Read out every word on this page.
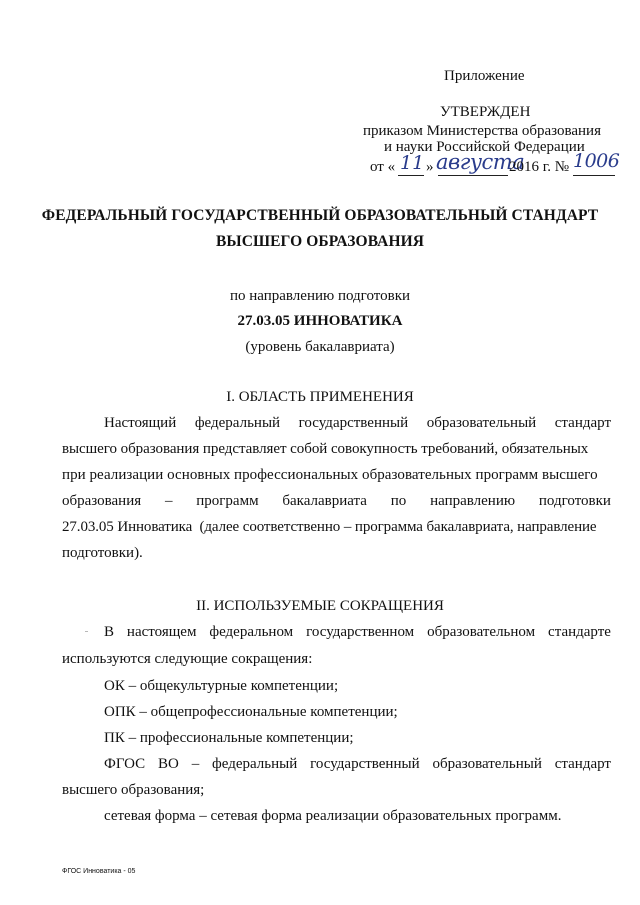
Приложение
УТВЕРЖДЕН
приказом Министерства образования
и науки Российской Федерации
от « 11 » августа
2016 г. № 1006
ФЕДЕРАЛЬНЫЙ ГОСУДАРСТВЕННЫЙ ОБРАЗОВАТЕЛЬНЫЙ СТАНДАРТ
ВЫСШЕГО ОБРАЗОВАНИЯ
по направлению подготовки
27.03.05 ИННОВАТИКА
(уровень бакалавриата)
I. ОБЛАСТЬ ПРИМЕНЕНИЯ
Настоящий федеральный государственный образовательный стандарт
высшего образования представляет собой совокупность требований, обязательных
при реализации основных профессиональных образовательных программ высшего
образования – программ бакалавриата по направлению подготовки
27.03.05 Инноватика  (далее соответственно – программа бакалавриата, направление
подготовки).
II. ИСПОЛЬЗУЕМЫЕ СОКРАЩЕНИЯ
В настоящем федеральном государственном образовательном стандарте
используются следующие сокращения:
ОК – общекультурные компетенции;
ОПК – общепрофессиональные компетенции;
ПК – профессиональные компетенции;
ФГОС ВО – федеральный государственный образовательный стандарт
высшего образования;
сетевая форма – сетевая форма реализации образовательных программ.
ФГОС Инноватика - 05
